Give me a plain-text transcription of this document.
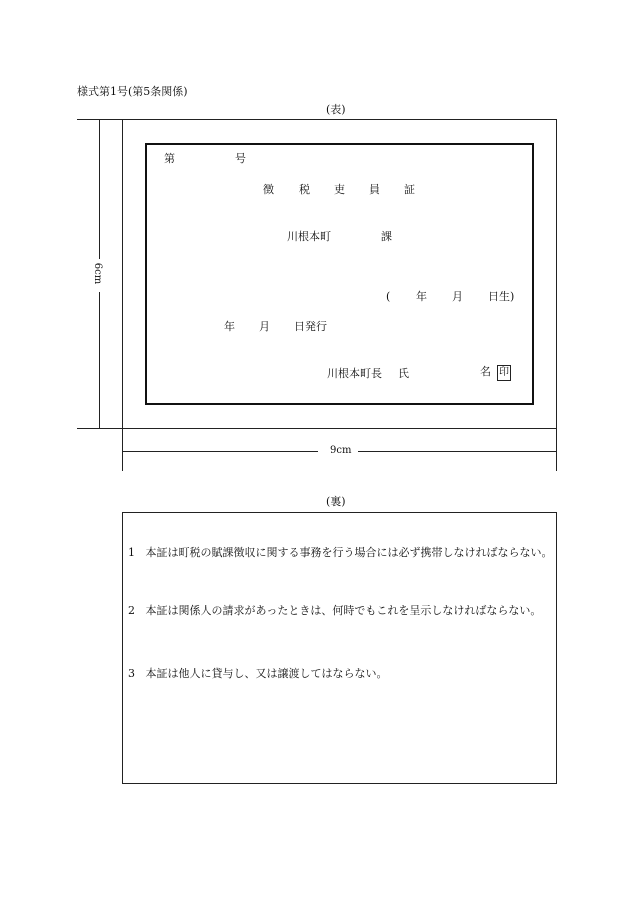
様式第1号(第5条関係)
(表)
6cm
9cm
第	号
徴 税 吏 員 証
川根本町	課
( 年 月 日生)
年 月 日発行
川根本町長 氏	名 印
(裏)
1 本証は町税の賦課徴収に関する事務を行う場合には必ず携帯しなければならない。
2 本証は関係人の請求があったときは、何時でもこれを呈示しなければならない。
3 本証は他人に貸与し、又は譲渡してはならない。
